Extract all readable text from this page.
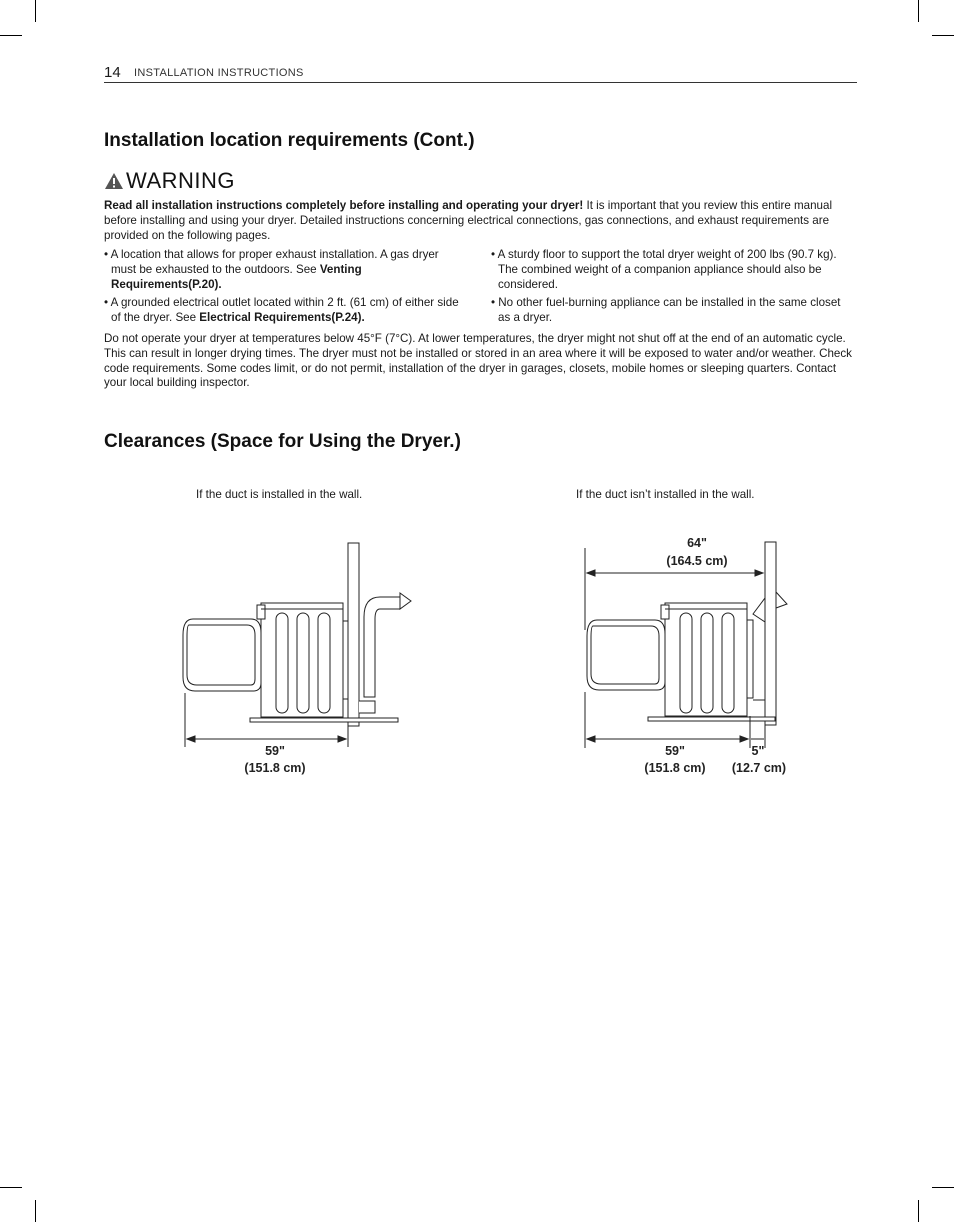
14 INSTALLATION INSTRUCTIONS
Installation location requirements (Cont.)
WARNING
Read all installation instructions completely before installing and operating your dryer! It is important that you review this entire manual before installing and using your dryer. Detailed instructions concerning electrical connections, gas connections, and exhaust requirements are provided on the following pages.

• A location that allows for proper exhaust installation. A gas dryer must be exhausted to the outdoors. See Venting Requirements(P.20).

• A grounded electrical outlet located within 2 ft. (61 cm) of either side of the dryer. See Electrical Requirements(P.24).

• A sturdy floor to support the total dryer weight of 200 lbs (90.7 kg). The combined weight of a companion appliance should also be considered.

• No other fuel-burning appliance can be installed in the same closet as a dryer.

Do not operate your dryer at temperatures below 45°F (7°C). At lower temperatures, the dryer might not shut off at the end of an automatic cycle. This can result in longer drying times. The dryer must not be installed or stored in an area where it will be exposed to water and/or weather. Check code requirements. Some codes limit, or do not permit, installation of the dryer in garages, closets, mobile homes or sleeping quarters. Contact your local building inspector.
Clearances (Space for Using the Dryer.)
If the duct is installed in the wall.	If the duct isn’t installed in the wall.
59"
(151.8 cm)
64"
(164.5 cm)
59"
(151.8 cm)
5"
(12.7 cm)
